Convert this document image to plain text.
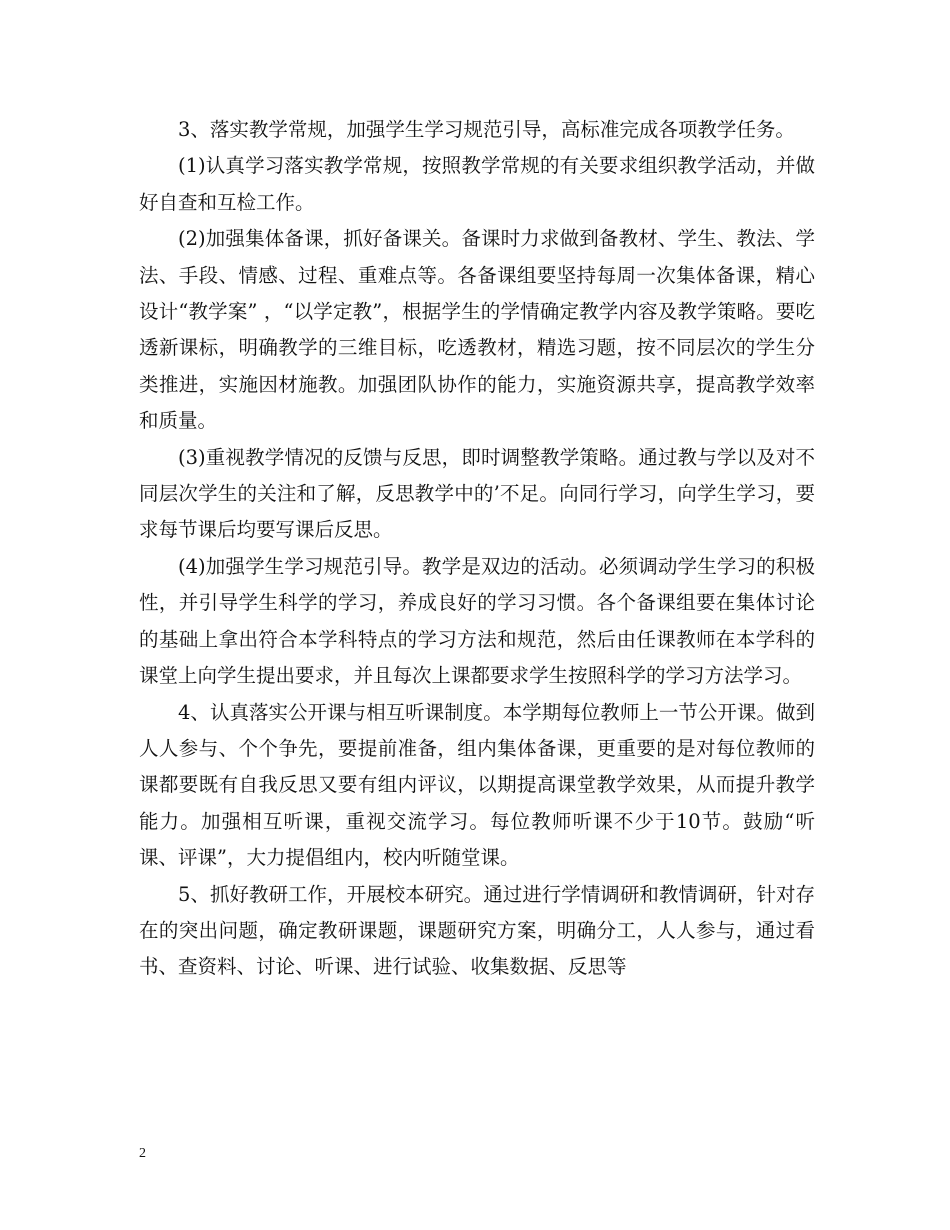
3、落实教学常规，加强学生学习规范引导，高标准完成各项教学任务。

(1)认真学习落实教学常规，按照教学常规的有关要求组织教学活动，并做好自查和互检工作。

(2)加强集体备课，抓好备课关。备课时力求做到备教材、学生、教法、学法、手段、情感、过程、重难点等。各备课组要坚持每周一次集体备课，精心设计“教学案” ，“以学定教”，根据学生的学情确定教学内容及教学策略。要吃透新课标，明确教学的三维目标，吃透教材，精选习题，按不同层次的学生分类推进，实施因材施教。加强团队协作的能力，实施资源共享，提高教学效率和质量。

(3)重视教学情况的反馈与反思，即时调整教学策略。通过教与学以及对不同层次学生的关注和了解，反思教学中的’不足。向同行学习，向学生学习，要求每节课后均要写课后反思。

(4)加强学生学习规范引导。教学是双边的活动。必须调动学生学习的积极性，并引导学生科学的学习，养成良好的学习习惯。各个备课组要在集体讨论的基础上拿出符合本学科特点的学习方法和规范，然后由任课教师在本学科的课堂上向学生提出要求，并且每次上课都要求学生按照科学的学习方法学习。

4、认真落实公开课与相互听课制度。本学期每位教师上一节公开课。做到人人参与、个个争先，要提前准备，组内集体备课，更重要的是对每位教师的课都要既有自我反思又要有组内评议，以期提高课堂教学效果，从而提升教学能力。加强相互听课，重视交流学习。每位教师听课不少于10节。鼓励“听课、评课”，大力提倡组内，校内听随堂课。

5、抓好教研工作，开展校本研究。通过进行学情调研和教情调研，针对存在的突出问题，确定教研课题，课题研究方案，明确分工，人人参与，通过看书、查资料、讨论、听课、进行试验、收集数据、反思等

2
